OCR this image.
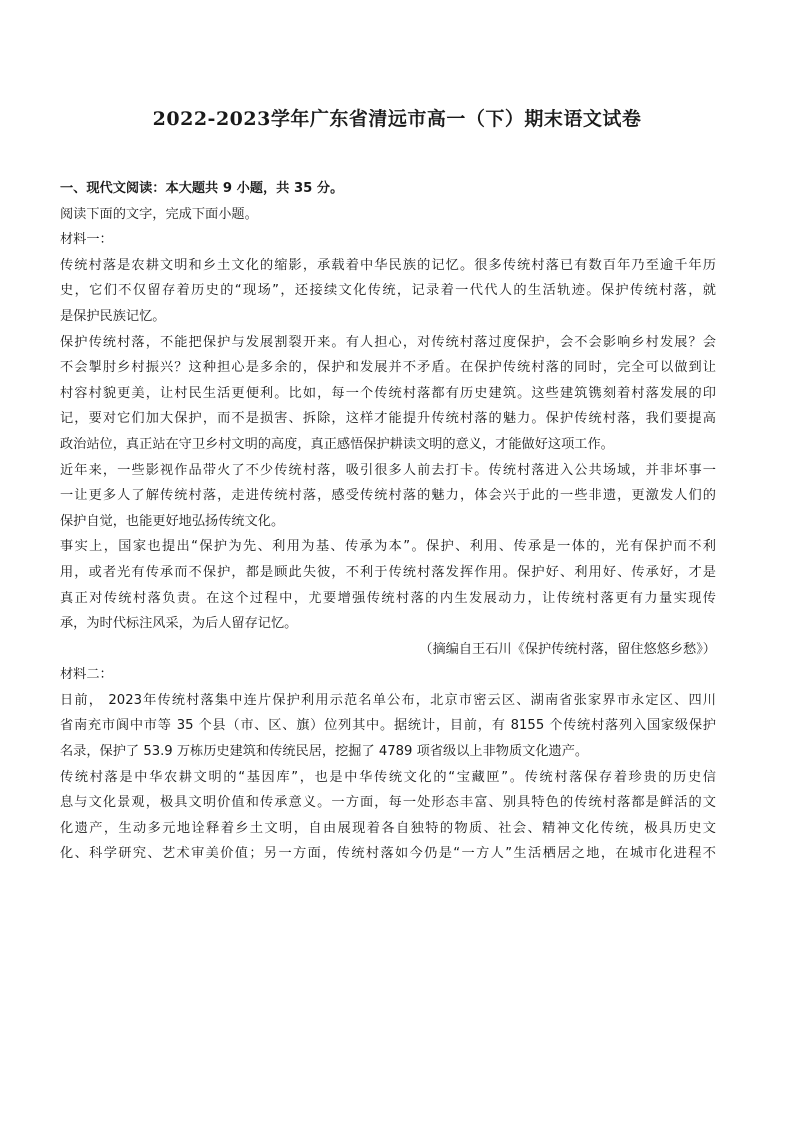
2022-2023学年广东省清远市高一（下）期末语文试卷
一、现代文阅读：本大题共 9 小题，共 35 分。
阅读下面的文字，完成下面小题。
材料一：
传统村落是农耕文明和乡土文化的缩影，承载着中华民族的记忆。很多传统村落已有数百年乃至逾千年历
史，它们不仅留存着历史的“现场”，还接续文化传统，记录着一代代人的生活轨迹。保护传统村落，就
是保护民族记忆。
保护传统村落，不能把保护与发展割裂开来。有人担心，对传统村落过度保护，会不会影响乡村发展？会
不会掣肘乡村振兴？这种担心是多余的，保护和发展并不矛盾。在保护传统村落的同时，完全可以做到让
村容村貌更美，让村民生活更便利。比如，每一个传统村落都有历史建筑。这些建筑镌刻着村落发展的印
记，要对它们加大保护，而不是损害、拆除，这样才能提升传统村落的魅力。保护传统村落，我们要提高
政治站位，真正站在守卫乡村文明的高度，真正感悟保护耕读文明的意义，才能做好这项工作。
近年来，一些影视作品带火了不少传统村落，吸引很多人前去打卡。传统村落进入公共场域，并非坏事一
一让更多人了解传统村落，走进传统村落，感受传统村落的魅力，体会兴于此的一些非遗，更激发人们的
保护自觉，也能更好地弘扬传统文化。
事实上，国家也提出“保护为先、利用为基、传承为本”。保护、利用、传承是一体的，光有保护而不利
用，或者光有传承而不保护，都是顾此失彼，不利于传统村落发挥作用。保护好、利用好、传承好，才是
真正对传统村落负责。在这个过程中，尤要增强传统村落的内生发展动力，让传统村落更有力量实现传
承，为时代标注风采，为后人留存记忆。
（摘编自王石川《保护传统村落，留住悠悠乡愁》）
材料二：
日前， 2023年传统村落集中连片保护利用示范名单公布，北京市密云区、湖南省张家界市永定区、四川
省南充市阆中市等 35 个县（市、区、旗）位列其中。据统计，目前，有 8155 个传统村落列入国家级保护
名录，保护了 53.9 万栋历史建筑和传统民居，挖掘了 4789 项省级以上非物质文化遗产。
传统村落是中华农耕文明的“基因库”，也是中华传统文化的“宝藏匣”。传统村落保存着珍贵的历史信
息与文化景观，极具文明价值和传承意义。一方面，每一处形态丰富、别具特色的传统村落都是鲜活的文
化遗产，生动多元地诠释着乡土文明，自由展现着各自独特的物质、社会、精神文化传统，极具历史文
化、科学研究、艺术审美价值；另一方面，传统村落如今仍是“一方人”生活栖居之地，在城市化进程不
